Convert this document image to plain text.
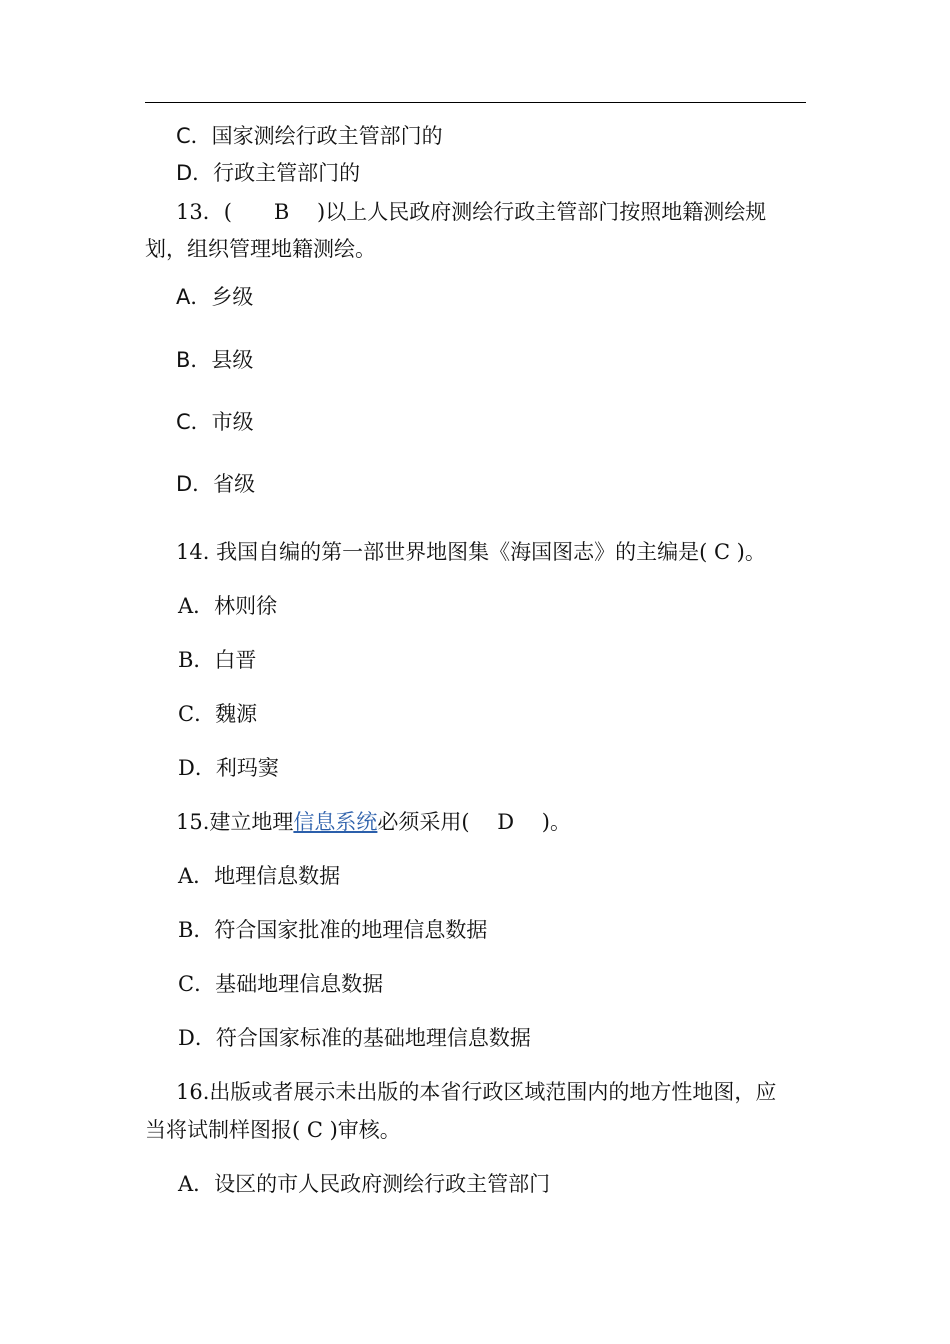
C．国家测绘行政主管部门的
D．行政主管部门的
13．(　　B　 )以上人民政府测绘行政主管部门按照地籍测绘规
划，组织管理地籍测绘。
A．乡级
B．县级
C．市级
D．省级
14. 我国自编的第一部世界地图集《海国图志》的主编是( C )。
A．林则徐
B．白晋
C．魏源
D．利玛窦
15.建立地理信息系统必须采用(　 D　 )。
A．地理信息数据
B．符合国家批准的地理信息数据
C．基础地理信息数据
D．符合国家标准的基础地理信息数据
16.出版或者展示未出版的本省行政区域范围内的地方性地图，应
当将试制样图报( C )审核。
A．设区的市人民政府测绘行政主管部门
